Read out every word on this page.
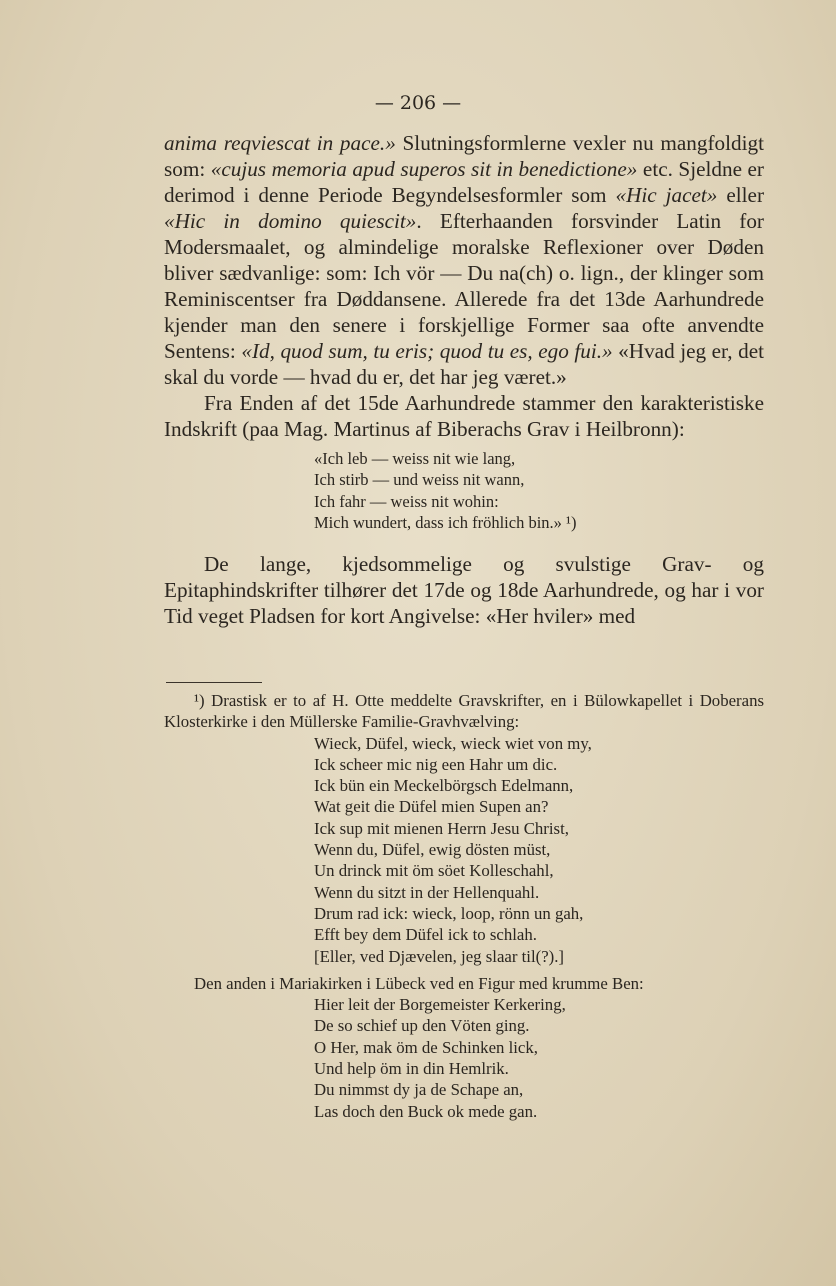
— 206 —

anima reqviescat in pace.» Slutningsformlerne vexler nu mangfoldigt som: «cujus memoria apud superos sit in benedictione» etc. Sjeldne er derimod i denne Periode Begyndelsesformler som «Hic jacet» eller «Hic in domino quiescit». Efterhaanden forsvinder Latin for Modersmaalet, og almindelige moralske Reflexioner over Døden bliver sædvanlige: som: Ich vör — Du na(ch) o. lign., der klinger som Reminiscentser fra Døddansene. Allerede fra det 13de Aarhundrede kjender man den senere i forskjellige Former saa ofte anvendte Sentens: «Id, quod sum, tu eris; quod tu es, ego fui.» «Hvad jeg er, det skal du vorde — hvad du er, det har jeg været.»

Fra Enden af det 15de Aarhundrede stammer den karakteristiske Indskrift (paa Mag. Martinus af Biberachs Grav i Heilbronn):

«Ich leb — weiss nit wie lang,
Ich stirb — und weiss nit wann,
Ich fahr — weiss nit wohin:
Mich wundert, dass ich fröhlich bin.» ¹)

De lange, kjedsommelige og svulstige Grav- og Epitaphindskrifter tilhører det 17de og 18de Aarhundrede, og har i vor Tid veget Pladsen for kort Angivelse: «Her hviler» med

¹) Drastisk er to af H. Otte meddelte Gravskrifter, en i Bülowkapellet i Doberans Klosterkirke i den Müllerske Familie-Gravhvælving:

Wieck, Düfel, wieck, wieck wiet von my,
Ick scheer mic nig een Hahr um dic.
Ick bün ein Meckelbörgsch Edelmann,
Wat geit die Düfel mien Supen an?
Ick sup mit mienen Herrn Jesu Christ,
Wenn du, Düfel, ewig dösten müst,
Un drinck mit öm söet Kolleschahl,
Wenn du sitzt in der Hellenquahl.
Drum rad ick: wieck, loop, rönn un gah,
Efft bey dem Düfel ick to schlah.
[Eller, ved Djævelen, jeg slaar til(?).]

Den anden i Mariakirken i Lübeck ved en Figur med krumme Ben:

Hier leit der Borgemeister Kerkering,
De so schief up den Vöten ging.
O Her, mak öm de Schinken lick,
Und help öm in din Hemlrik.
Du nimmst dy ja de Schape an,
Las doch den Buck ok mede gan.
